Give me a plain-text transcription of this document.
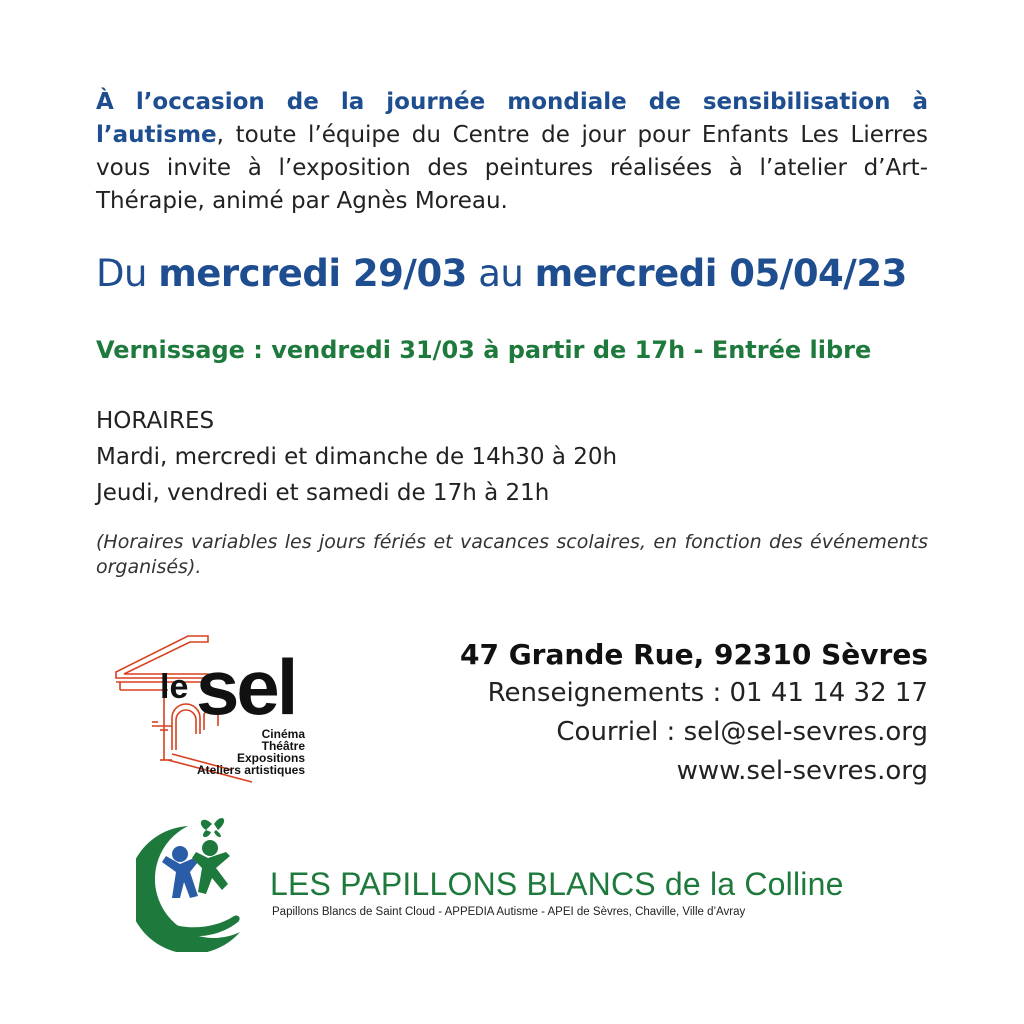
À l’occasion de la journée mondiale de sensibilisation à l’autisme, toute l’équipe du Centre de jour pour Enfants Les Lierres vous invite à l’exposition des peintures réalisées à l’atelier d’Art-Thérapie, animé par Agnès Moreau.
Du mercredi 29/03 au mercredi 05/04/23
Vernissage : vendredi 31/03 à partir de 17h - Entrée libre
HORAIRES
Mardi, mercredi et dimanche de 14h30 à 20h
Jeudi, vendredi et samedi de 17h à 21h
(Horaires variables les jours fériés et vacances scolaires, en fonction des événements organisés).
le sel
Cinéma
Théâtre
Expositions
Ateliers artistiques
47 Grande Rue, 92310 Sèvres
Renseignements : 01 41 14 32 17
Courriel : sel@sel-sevres.org
www.sel-sevres.org
LES PAPILLONS BLANCS de la Colline
Papillons Blancs de Saint Cloud - APPEDIA Autisme - APEI de Sèvres, Chaville, Ville d’Avray
